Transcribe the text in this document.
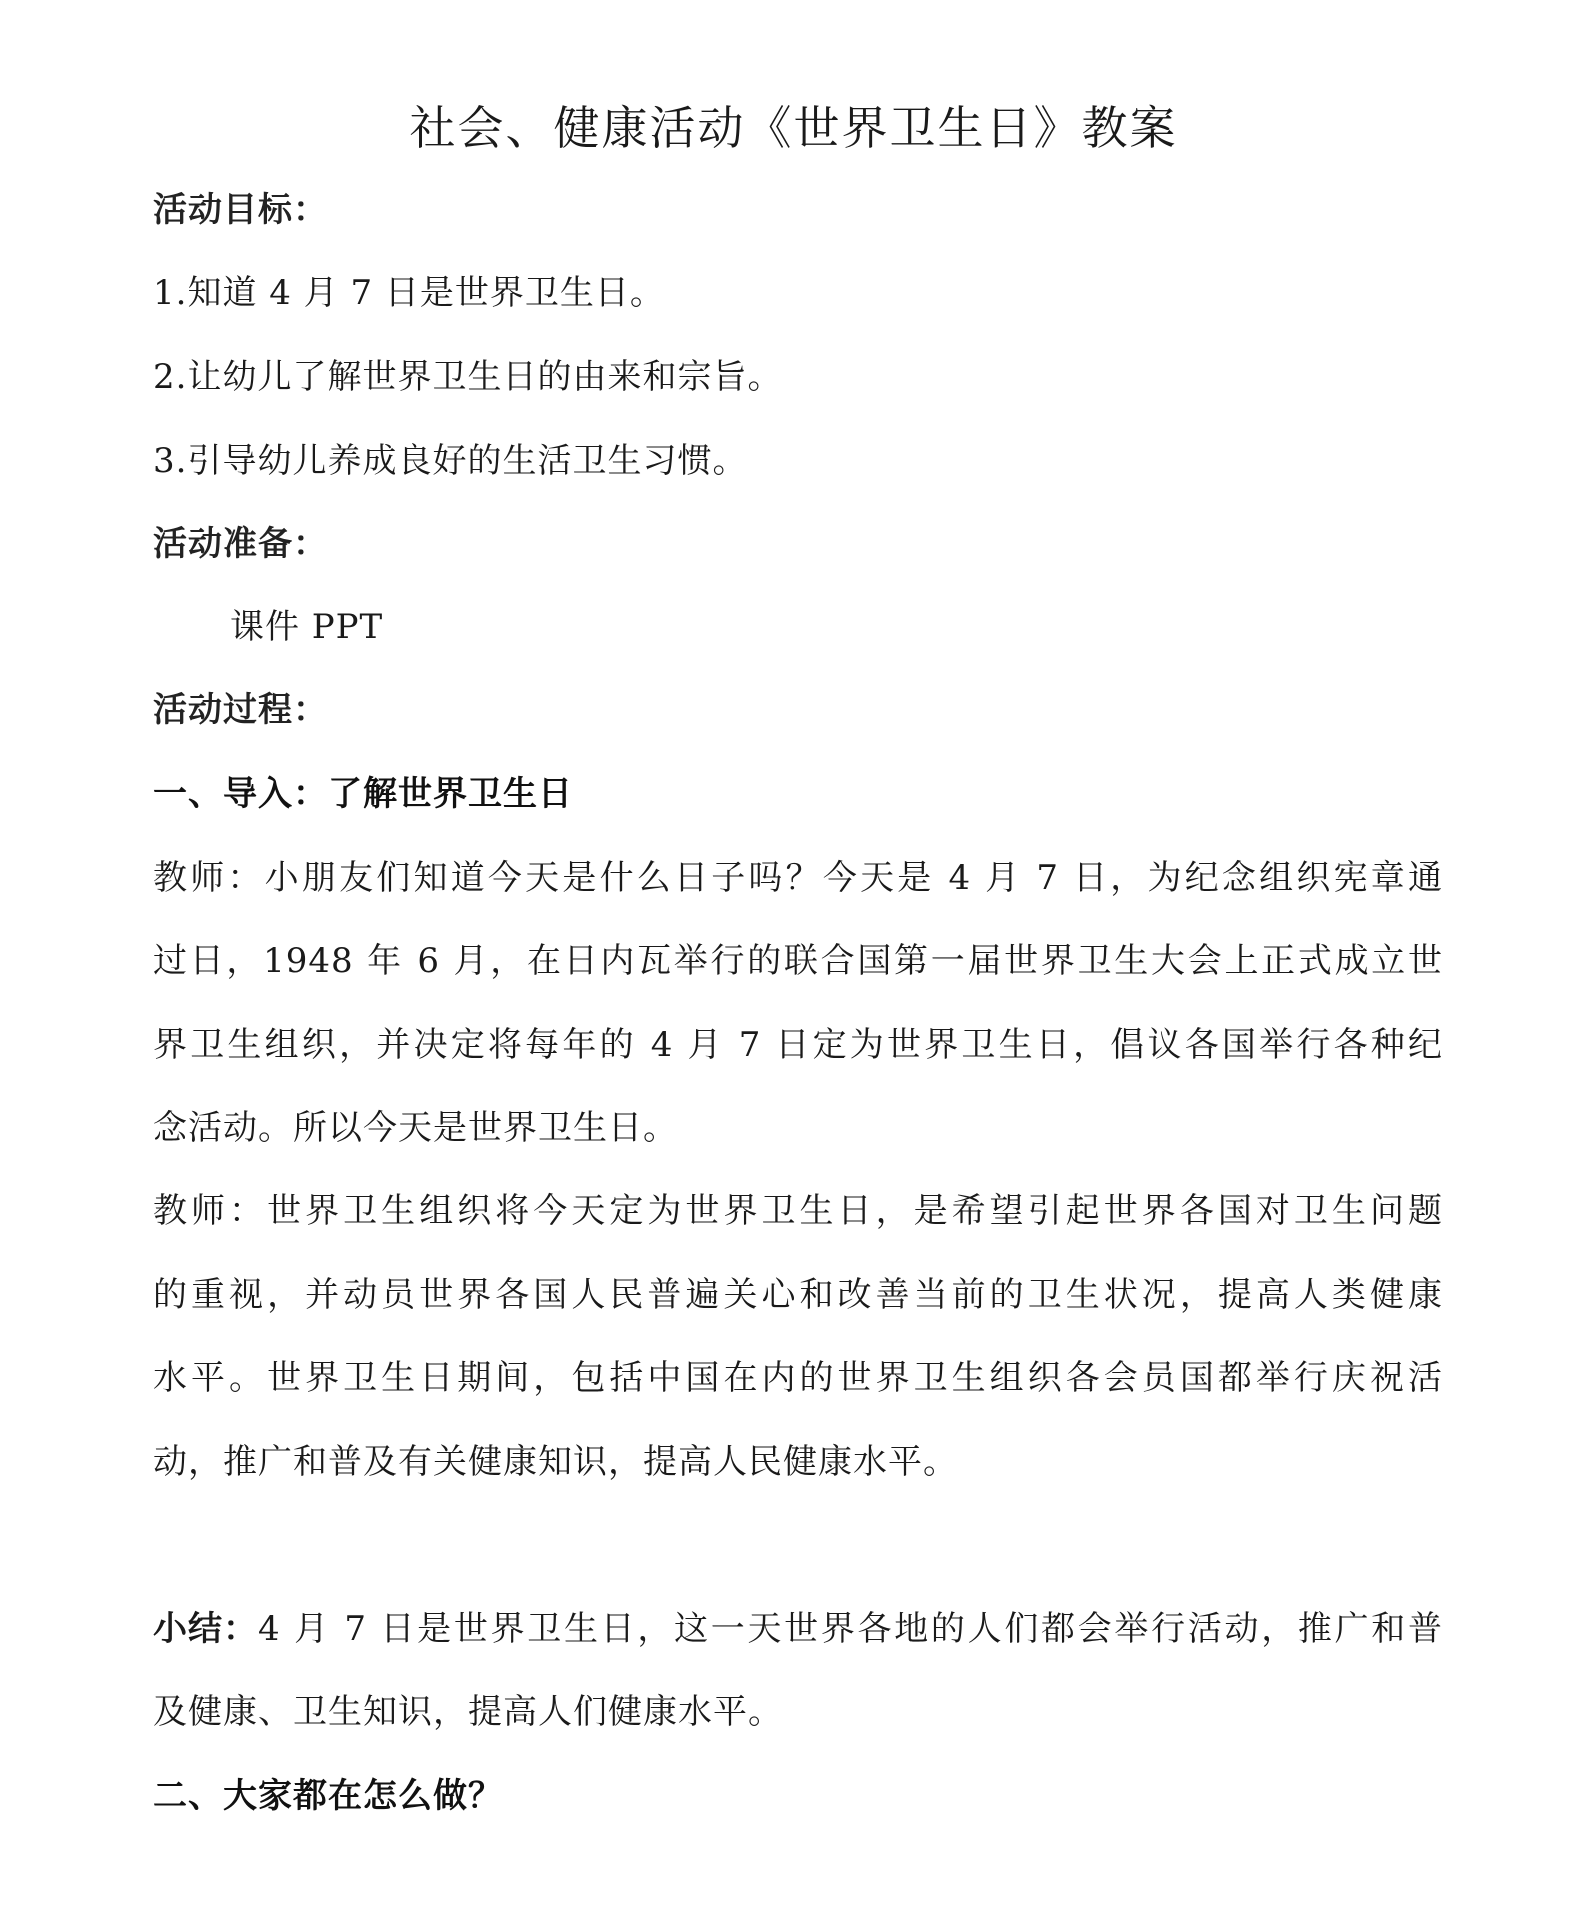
社会、健康活动《世界卫生日》教案
活动目标：
1.知道 4 月 7 日是世界卫生日。
2.让幼儿了解世界卫生日的由来和宗旨。
3.引导幼儿养成良好的生活卫生习惯。
活动准备：
课件 PPT
活动过程：
一、导入：了解世界卫生日
教师：小朋友们知道今天是什么日子吗？今天是 4 月 7 日，为纪念组织宪章通
过日，1948 年 6 月，在日内瓦举行的联合国第一届世界卫生大会上正式成立世
界卫生组织，并决定将每年的 4 月 7 日定为世界卫生日，倡议各国举行各种纪
念活动。所以今天是世界卫生日。
教师：世界卫生组织将今天定为世界卫生日，是希望引起世界各国对卫生问题
的重视，并动员世界各国人民普遍关心和改善当前的卫生状况，提高人类健康
水平。世界卫生日期间，包括中国在内的世界卫生组织各会员国都举行庆祝活
动，推广和普及有关健康知识，提高人民健康水平。
小结： 4 月 7 日是世界卫生日，这一天世界各地的人们都会举行活动，推广和普
及健康、卫生知识，提高人们健康水平。
二、大家都在怎么做？
